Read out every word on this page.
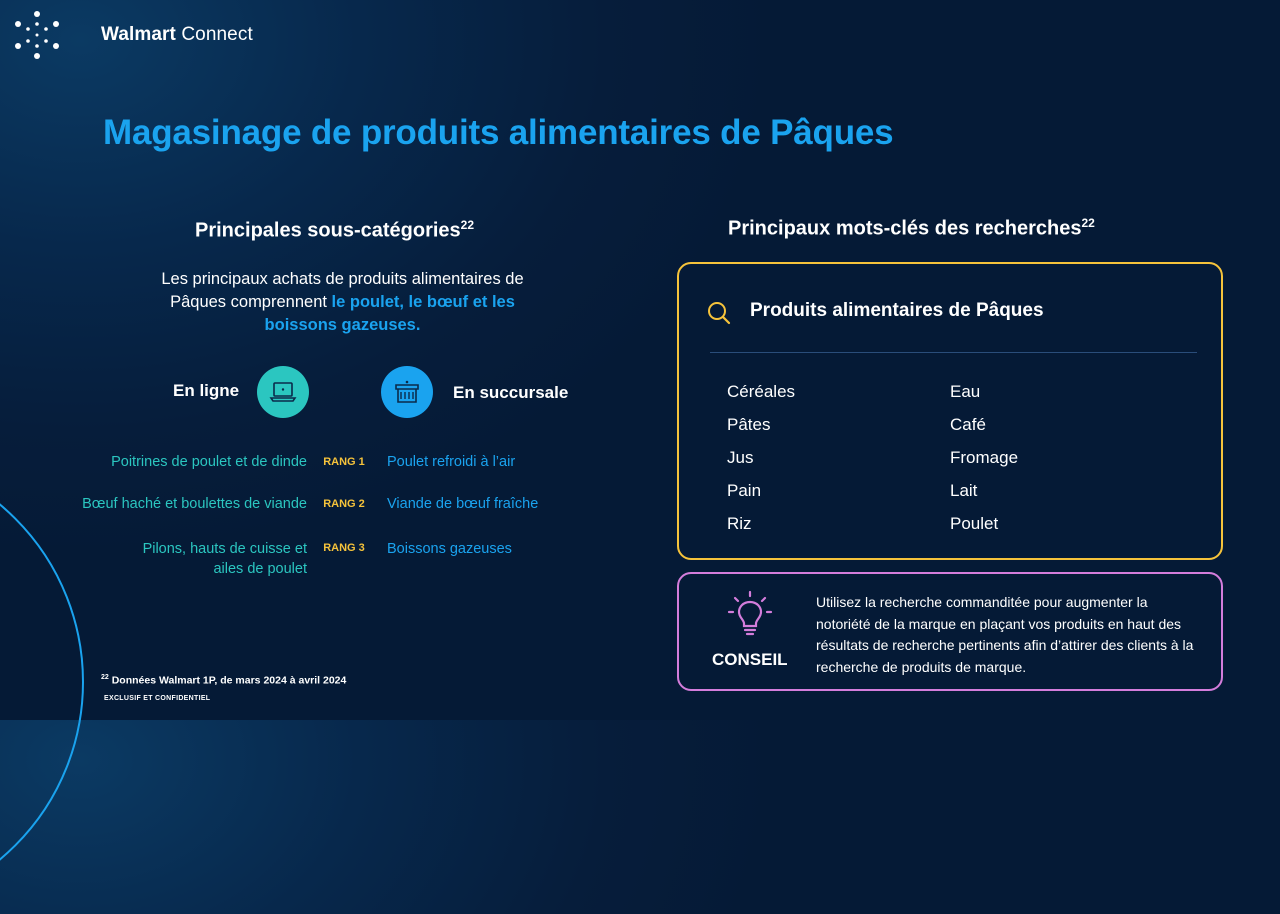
Walmart Connect
Magasinage de produits alimentaires de Pâques
Principales sous-catégories$^{22}$
Les principaux achats de produits alimentaires de Pâques comprennent le poulet, le bœuf et les boissons gazeuses.
En ligne	En succursale
Poitrines de poulet et de dinde RANG 1 Poulet refroidi à l’air
Bœuf haché et boulettes de viande RANG 2 Viande de bœuf fraîche
Pilons, hauts de cuisse et
ailes de poulet
RANG 3 Boissons gazeuses
Principaux mots-clés des recherches$^{22}$
Produits alimentaires de Pâques
Céréales
Pâtes
Jus
Pain
Riz
Eau
Café
Fromage
Lait
Poulet
CONSEIL
Utilisez la recherche commanditée pour augmenter la notoriété de la marque en plaçant vos produits en haut des résultats de recherche pertinents afin d’attirer des clients à la recherche de produits de marque.
$^{22}$ Données Walmart 1P, de mars 2024 à avril 2024
EXCLUSIF ET CONFIDENTIEL
